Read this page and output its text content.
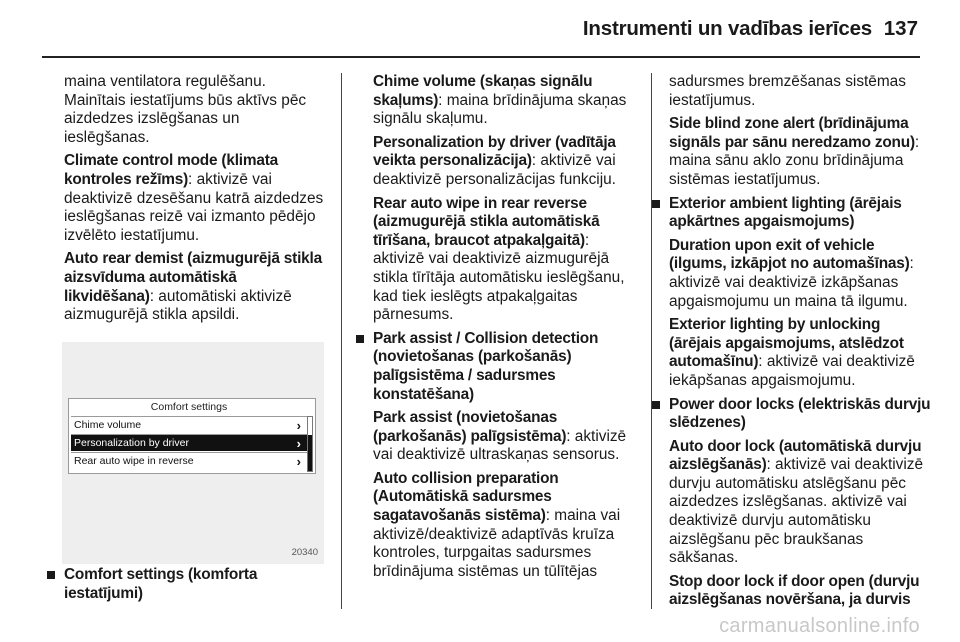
Instrumenti un vadības ierīces 137
maina ventilatora regulēšanu. Mainītais iestatījums būs aktīvs pēc aizdedzes izslēgšanas un ieslēgšanas.
Climate control mode (klimata kontroles režīms): aktivizē vai deaktivizē dzesēšanu katrā aizdedzes ieslēgšanas reizē vai izmanto pēdējo izvēlēto iestatījumu.
Auto rear demist (aizmugurējā stikla aizsvīduma automātiskā likvidēšana): automātiski aktivizē aizmugurējā stikla apsildi.
Comfort settings
Chime volume	›
Personalization by driver	›
Rear auto wipe in reverse	›
20340
Comfort settings (komforta iestatījumi)
Chime volume (skaņas signālu skaļums): maina brīdinājuma skaņas signālu skaļumu.
Personalization by driver (vadītāja veikta personalizācija): aktivizē vai deaktivizē personalizācijas funkciju.
Rear auto wipe in rear reverse (aizmugurējā stikla automātiskā tīrīšana, braucot atpakaļgaitā): aktivizē vai deaktivizē aizmugurējā stikla tīrītāja automātisku ieslēgšanu, kad tiek ieslēgts atpakaļgaitas pārnesums.
Park assist / Collision detection (novietošanas (parkošanās) palīgsistēma / sadursmes konstatēšana)
Park assist (novietošanas (parkošanās) palīgsistēma): aktivizē vai deaktivizē ultraskaņas sensorus.
Auto collision preparation (Automātiskā sadursmes sagatavošanās sistēma): maina vai aktivizē/deaktivizē adaptīvās kruīza kontroles, turpgaitas sadursmes brīdinājuma sistēmas un tūlītējas
sadursmes bremzēšanas sistēmas iestatījumus.
Side blind zone alert (brīdinājuma signāls par sānu neredzamo zonu): maina sānu aklo zonu brīdinājuma sistēmas iestatījumus.
Exterior ambient lighting (ārējais apkārtnes apgaismojums)
Duration upon exit of vehicle (ilgums, izkāpjot no automašīnas): aktivizē vai deaktivizē izkāpšanas apgaismojumu un maina tā ilgumu.
Exterior lighting by unlocking (ārējais apgaismojums, atslēdzot automašīnu): aktivizē vai deaktivizē iekāpšanas apgaismojumu.
Power door locks (elektriskās durvju slēdzenes)
Auto door lock (automātiskā durvju aizslēgšanās): aktivizē vai deaktivizē durvju automātisku atslēgšanu pēc aizdedzes izslēgšanas. aktivizē vai deaktivizē durvju automātisku aizslēgšanu pēc braukšanas sākšanas.
Stop door lock if door open (durvju aizslēgšanas novēršana, ja durvis
carmanualsonline.info
